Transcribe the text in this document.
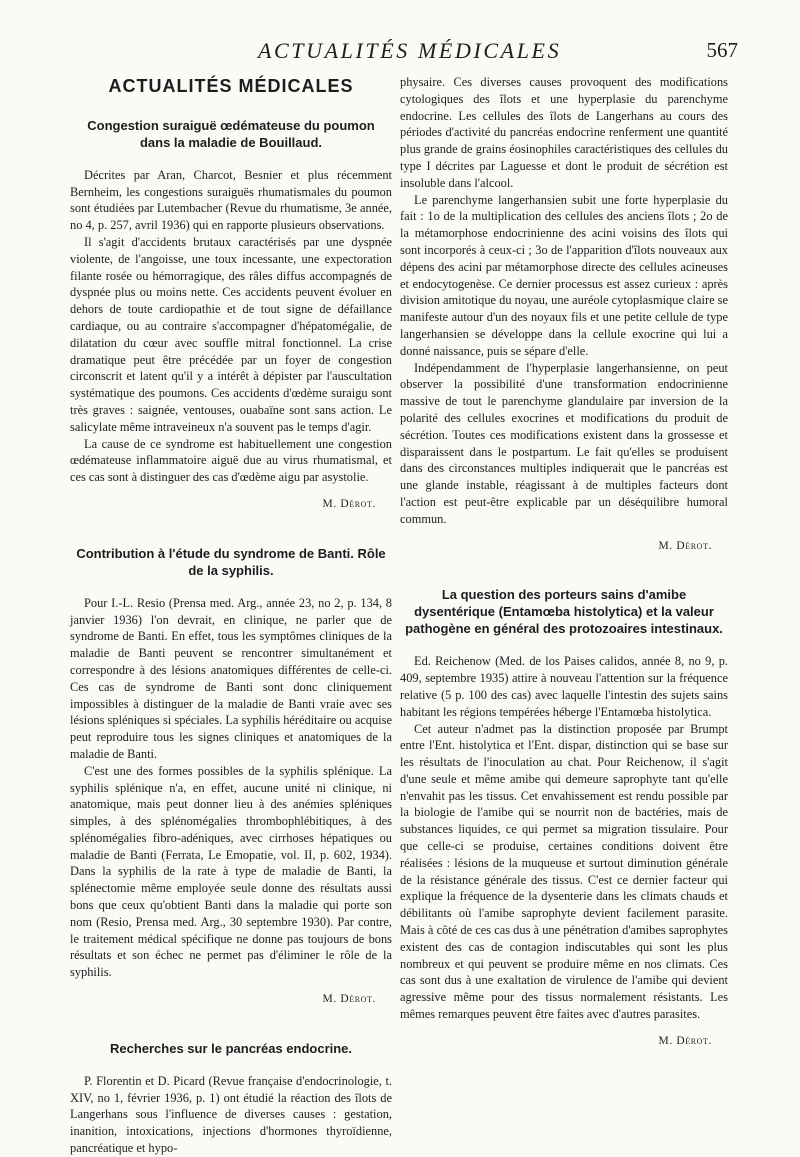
ACTUALITÉS MÉDICALES	567
ACTUALITÉS MÉDICALES
Congestion suraiguë œdémateuse du poumon dans la maladie de Bouillaud.

Décrites par Aran, Charcot, Besnier et plus récemment Bernheim, les congestions suraiguës rhumatismales du poumon sont étudiées par Lutembacher (Revue du rhumatisme, 3e année, no 4, p. 257, avril 1936) qui en rapporte plusieurs observations.

Il s'agit d'accidents brutaux caractérisés par une dyspnée violente, de l'angoisse, une toux incessante, une expectoration filante rosée ou hémorragique, des râles diffus accompagnés de dyspnée plus ou moins nette. Ces accidents peuvent évoluer en dehors de toute cardiopathie et de tout signe de défaillance cardiaque, ou au contraire s'accompagner d'hépatomégalie, de dilatation du cœur avec souffle mitral fonctionnel. La crise dramatique peut être précédée par un foyer de congestion circonscrit et latent qu'il y a intérêt à dépister par l'auscultation systématique des poumons. Ces accidents d'œdème suraigu sont très graves : saignée, ventouses, ouabaïne sont sans action. Le salicylate même intraveineux n'a souvent pas le temps d'agir.

La cause de ce syndrome est habituellement une congestion œdémateuse inflammatoire aiguë due au virus rhumatismal, et ces cas sont à distinguer des cas d'œdème aigu par asystolie.

M. Dérot.
Contribution à l'étude du syndrome de Banti. Rôle de la syphilis.

Pour I.-L. Resio (Prensa med. Arg., année 23, no 2, p. 134, 8 janvier 1936) l'on devrait, en clinique, ne parler que de syndrome de Banti. En effet, tous les symptômes cliniques de la maladie de Banti peuvent se rencontrer simultanément et correspondre à des lésions anatomiques différentes de celle-ci. Ces cas de syndrome de Banti sont donc cliniquement impossibles à distinguer de la maladie de Banti vraie avec ses lésions spléniques si spéciales. La syphilis héréditaire ou acquise peut reproduire tous les signes cliniques et anatomiques de la maladie de Banti.

C'est une des formes possibles de la syphilis splénique. La syphilis splénique n'a, en effet, aucune unité ni clinique, ni anatomique, mais peut donner lieu à des anémies spléniques simples, à des splénomégalies thrombophlébitiques, à des splénomégalies fibro-adéniques, avec cirrhoses hépatiques ou maladie de Banti (Ferrata, Le Emopatie, vol. II, p. 602, 1934). Dans la syphilis de la rate à type de maladie de Banti, la splénectomie même employée seule donne des résultats aussi bons que ceux qu'obtient Banti dans la maladie qui porte son nom (Resio, Prensa med. Arg., 30 septembre 1930). Par contre, le traitement médical spécifique ne donne pas toujours de bons résultats et son échec ne permet pas d'éliminer le rôle de la syphilis.

M. Dérot.
Recherches sur le pancréas endocrine.

P. Florentin et D. Picard (Revue française d'endocrinologie, t. XIV, no 1, février 1936, p. 1) ont étudié la réaction des îlots de Langerhans sous l'influence de diverses causes : gestation, inanition, intoxications, injections d'hormones thyroïdienne, pancréatique et hypo-

physaire. Ces diverses causes provoquent des modifications cytologiques des îlots et une hyperplasie du parenchyme endocrine. Les cellules des îlots de Langerhans au cours des périodes d'activité du pancréas endocrine renferment une quantité plus grande de grains éosinophiles caractéristiques des cellules du type I décrites par Laguesse et dont le produit de sécrétion est insoluble dans l'alcool.

Le parenchyme langerhansien subit une forte hyperplasie du fait : 1o de la multiplication des cellules des anciens îlots ; 2o de la métamorphose endocrinienne des acini voisins des îlots qui sont incorporés à ceux-ci ; 3o de l'apparition d'îlots nouveaux aux dépens des acini par métamorphose directe des cellules acineuses et endocytogenèse. Ce dernier processus est assez curieux : après division amitotique du noyau, une auréole cytoplasmique claire se manifeste autour d'un des noyaux fils et une petite cellule de type langerhansien se développe dans la cellule exocrine qui lui a donné naissance, puis se sépare d'elle.

Indépendamment de l'hyperplasie langerhansienne, on peut observer la possibilité d'une transformation endocrinienne massive de tout le parenchyme glandulaire par inversion de la polarité des cellules exocrines et modifications du produit de sécrétion. Toutes ces modifications existent dans la grossesse et disparaissent dans le postpartum. Le fait qu'elles se produisent dans des circonstances multiples indiquerait que le pancréas est une glande instable, réagissant à de multiples facteurs dont l'action est peut-être explicable par un déséquilibre humoral commun.

M. Dérot.
La question des porteurs sains d'amibe dysentérique (Entamœba histolytica) et la valeur pathogène en général des protozoaires intestinaux.

Ed. Reichenow (Med. de los Paises calidos, année 8, no 9, p. 409, septembre 1935) attire à nouveau l'attention sur la fréquence relative (5 p. 100 des cas) avec laquelle l'intestin des sujets sains habitant les régions tempérées héberge l'Entamœba histolytica.

Cet auteur n'admet pas la distinction proposée par Brumpt entre l'Ent. histolytica et l'Ent. dispar, distinction qui se base sur les résultats de l'inoculation au chat. Pour Reichenow, il s'agit d'une seule et même amibe qui demeure saprophyte tant qu'elle n'envahit pas les tissus. Cet envahissement est rendu possible par la biologie de l'amibe qui se nourrit non de bactéries, mais de substances liquides, ce qui permet sa migration tissulaire. Pour que celle-ci se produise, certaines conditions doivent être réalisées : lésions de la muqueuse et surtout diminution générale de la résistance générale des tissus. C'est ce dernier facteur qui explique la fréquence de la dysenterie dans les climats chauds et débilitants où l'amibe saprophyte devient facilement parasite. Mais à côté de ces cas dus à une pénétration d'amibes saprophytes existent des cas de contagion indiscutables qui sont les plus nombreux et qui peuvent se produire même en nos climats. Ces cas sont dus à une exaltation de virulence de l'amibe qui devient agressive même pour des tissus normalement résistants. Les mêmes remarques peuvent être faites avec d'autres parasites.

M. Dérot.
